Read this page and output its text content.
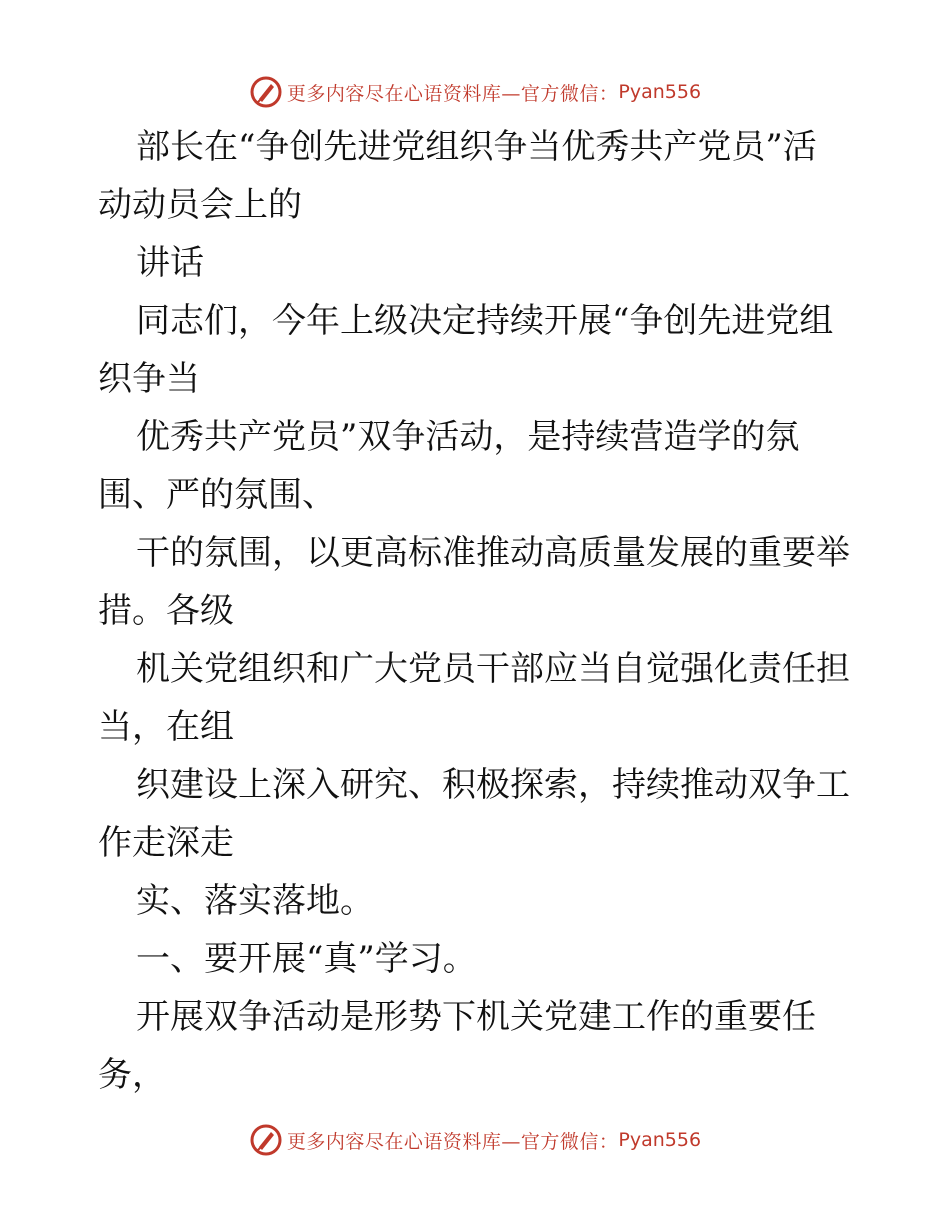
更多内容尽在心语资料库—官方微信： Pyan556

部长在“争创先进党组织争当优秀共产党员”活

动动员会上的

讲话

同志们，今年上级决定持续开展“争创先进党组

织争当

优秀共产党员”双争活动，是持续营造学的氛

围、严的氛围、

干的氛围，以更高标准推动高质量发展的重要举

措。各级

机关党组织和广大党员干部应当自觉强化责任担

当，在组

织建设上深入研究、积极探索，持续推动双争工

作走深走

实、落实落地。

一、要开展“真”学习。

开展双争活动是形势下机关党建工作的重要任

务，

更多内容尽在心语资料库—官方微信： Pyan556
